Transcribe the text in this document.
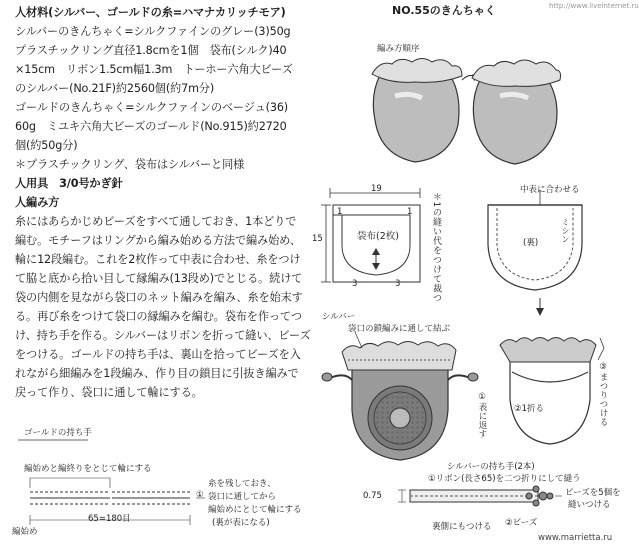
人材料(シルバー、ゴールドの糸=ハマナカリッチモア)
シルバーのきんちゃく=シルクファインのグレー(3)50g
プラスチックリング直径1.8cmを1個　袋布(シルク)40
×15cm　リボン1.5cm幅1.3m　トーホー六角大ビーズ
のシルバー(No.21F)約2560個(約7m分)
ゴールドのきんちゃく=シルクファインのベージュ(36)
60g　ミユキ六角大ビーズのゴールド(No.915)約2720
個(約50g分)
＊プラスチックリング、袋布はシルバーと同様
人用具　3/0号かぎ針
人編み方
糸にはあらかじめビーズをすべて通しておき、1本どりで
編む。モチーフはリングから編み始める方法で編み始め、
輪に12段編む。これを2枚作って中表に合わせ、糸をつけ
て脇と底から拾い目して縁編み(13段め)でとじる。続けて
袋の内側を見ながら袋口のネット編みを編み、糸を始末す
る。再び糸をつけて袋口の縁編みを編む。袋布を作ってつ
け、持ち手を作る。シルバーはリボンを折って縫い、ビーズ
をつける。ゴールドの持ち手は、裏山を拾ってビーズを入
れながら細編みを1段編み、作り目の鎖目に引抜き編みで
戻って作り、袋口に通して輪にする。
NO.55のきんちゃく
編み方順序
19
15
1	1
袋布(2枚)
3	3	＊1の縫い代をつけて裁つ
中表に合わせる
(裏)	ミシン
シルバー
袋口の鎖編みに通して結ぶ
①表に返す	②1折る	③まつりつける
ゴールドの持ち手
編始めと編終りをとじて輪にする
糸を残しておき、
袋口に通してから
編始めにとじて輪にする
(裏が表になる)
①
65=180目
編始め
シルバーの持ち手(2本)
①リボン(長さ65)を二つ折りにして縫う
0.75	ビーズを5個を
縫いつける
裏側にもつける ②ビーズ
http://www.liveinternet.ru
www.marrietta.ru
